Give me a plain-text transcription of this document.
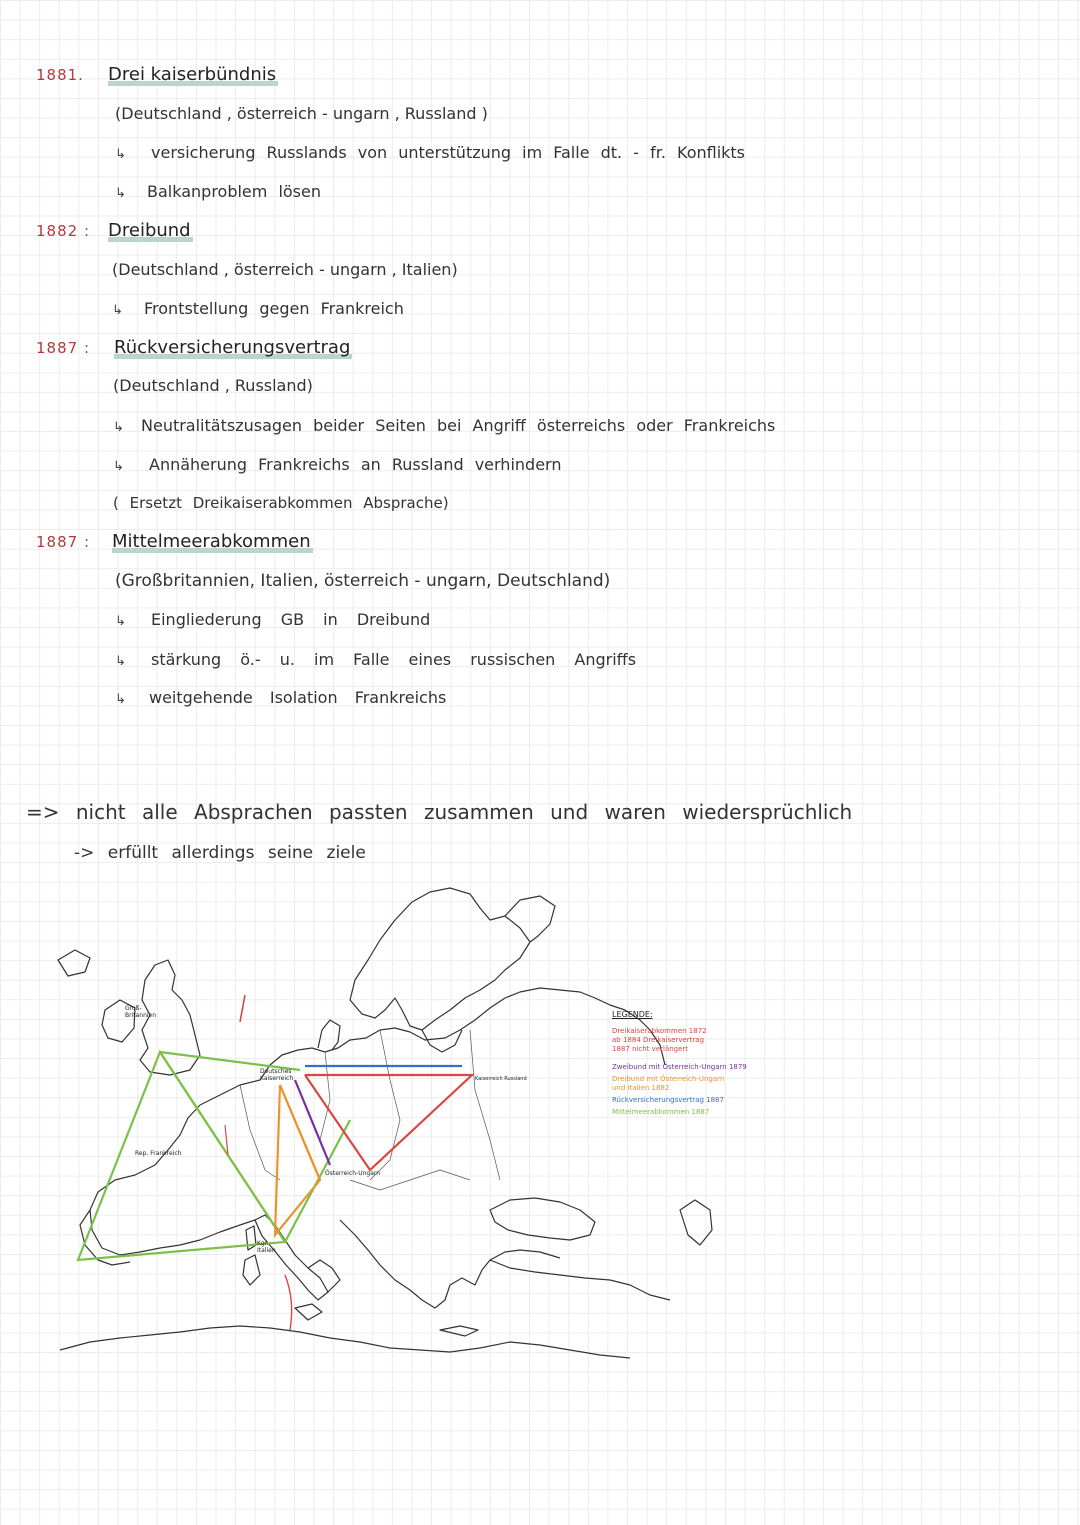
1881. Drei kaiserbündnis
(Deutschland , österreich - ungarn , Russland )
↳ versicherung Russlands von unterstützung im Falle dt. - fr. Konflikts
↳ Balkanproblem lösen
1882 : Dreibund
(Deutschland , österreich - ungarn , Italien)
↳ Frontstellung gegen Frankreich
1887 : Rückversicherungsvertrag
(Deutschland , Russland)
↳ Neutralitätszusagen beider Seiten bei Angriff österreichs oder Frankreichs
↳ Annäherung Frankreichs an Russland verhindern
( Ersetzt Dreikaiserabkommen Absprache)
1887 : Mittelmeerabkommen
(Großbritannien, Italien, österreich - ungarn, Deutschland)
↳ Eingliederung GB in Dreibund
↳ stärkung ö.- u. im Falle eines russischen Angriffs
↳ weitgehende Isolation Frankreichs
=> nicht alle Absprachen passten zusammen und waren wiedersprüchlich
-> erfüllt allerdings seine ziele
Groß-
Britannien
Rep. Frankreich
Deutsches
Kaiserreich
Österreich-Ungarn
Kaiserreich Russland
Kgr.
Italien
LEGENDE:
Dreikaiserabkommen 1872
ab 1884 Dreikaiservertrag
1887 nicht verlängert
Zweibund mit Österreich-Ungarn 1879
Dreibund mit Österreich-Ungarn
und Italien 1882
Rückversicherungsvertrag 1887
Mittelmeerabkommen 1887
